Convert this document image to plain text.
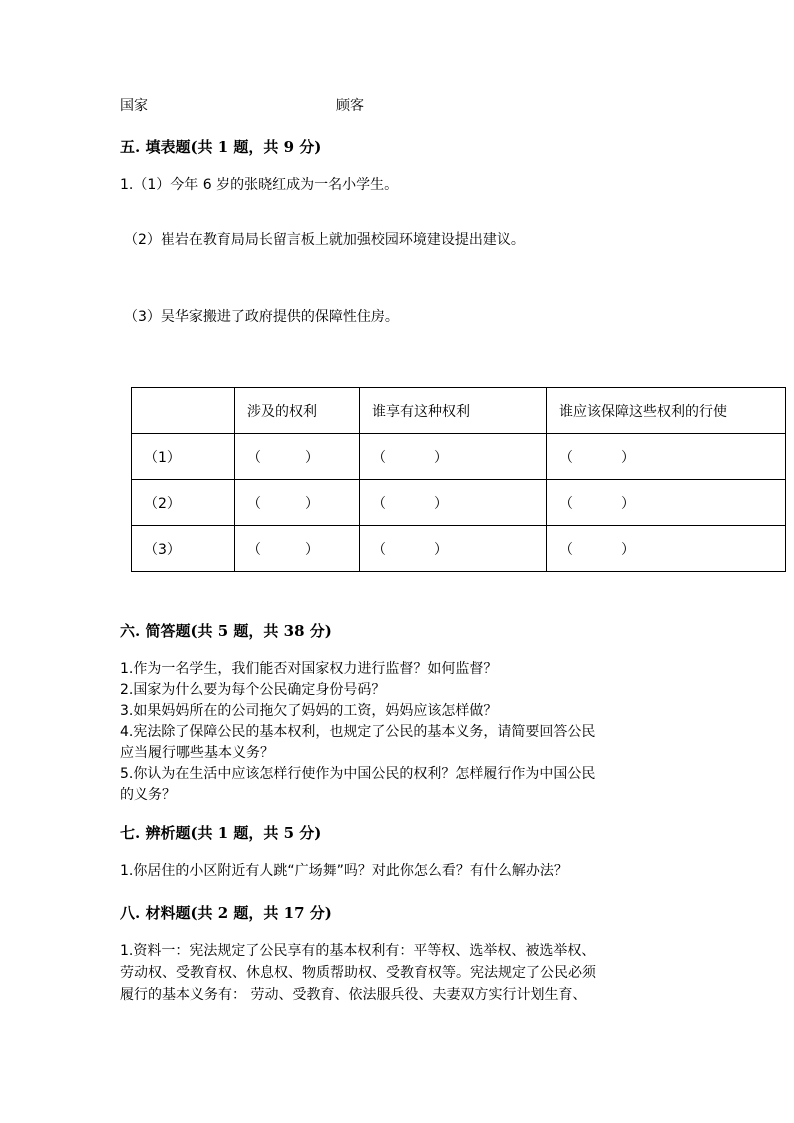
国家	顾客
五. 填表题(共 1 题，共 9 分)
1.（1）今年 6 岁的张晓红成为一名小学生。
（2）崔岩在教育局局长留言板上就加强校园环境建设提出建议。
（3）吴华家搬进了政府提供的保障性住房。
	涉及的权利	谁享有这种权利	谁应该保障这些权利的行使
（1）	（ ）	（ ）	（ ）
（2）	（ ）	（ ）	（ ）
（3）	（ ）	（ ）	（ ）
六. 简答题(共 5 题，共 38 分)
1.作为一名学生，我们能否对国家权力进行监督？如何监督？
2.国家为什么要为每个公民确定身份号码？
3.如果妈妈所在的公司拖欠了妈妈的工资，妈妈应该怎样做？
4.宪法除了保障公民的基本权利，也规定了公民的基本义务，请简要回答公民
应当履行哪些基本义务？
5.你认为在生活中应该怎样行使作为中国公民的权利？怎样履行作为中国公民
的义务？
七. 辨析题(共 1 题，共 5 分)
1.你居住的小区附近有人跳“广场舞”吗？对此你怎么看？有什么解办法？
八. 材料题(共 2 题，共 17 分)
1.资料一：宪法规定了公民享有的基本权利有：平等权、选举权、被选举权、
劳动权、受教育权、休息权、物质帮助权、受教育权等。宪法规定了公民必须
履行的基本义务有： 劳动、受教育、依法服兵役、夫妻双方实行计划生育、
